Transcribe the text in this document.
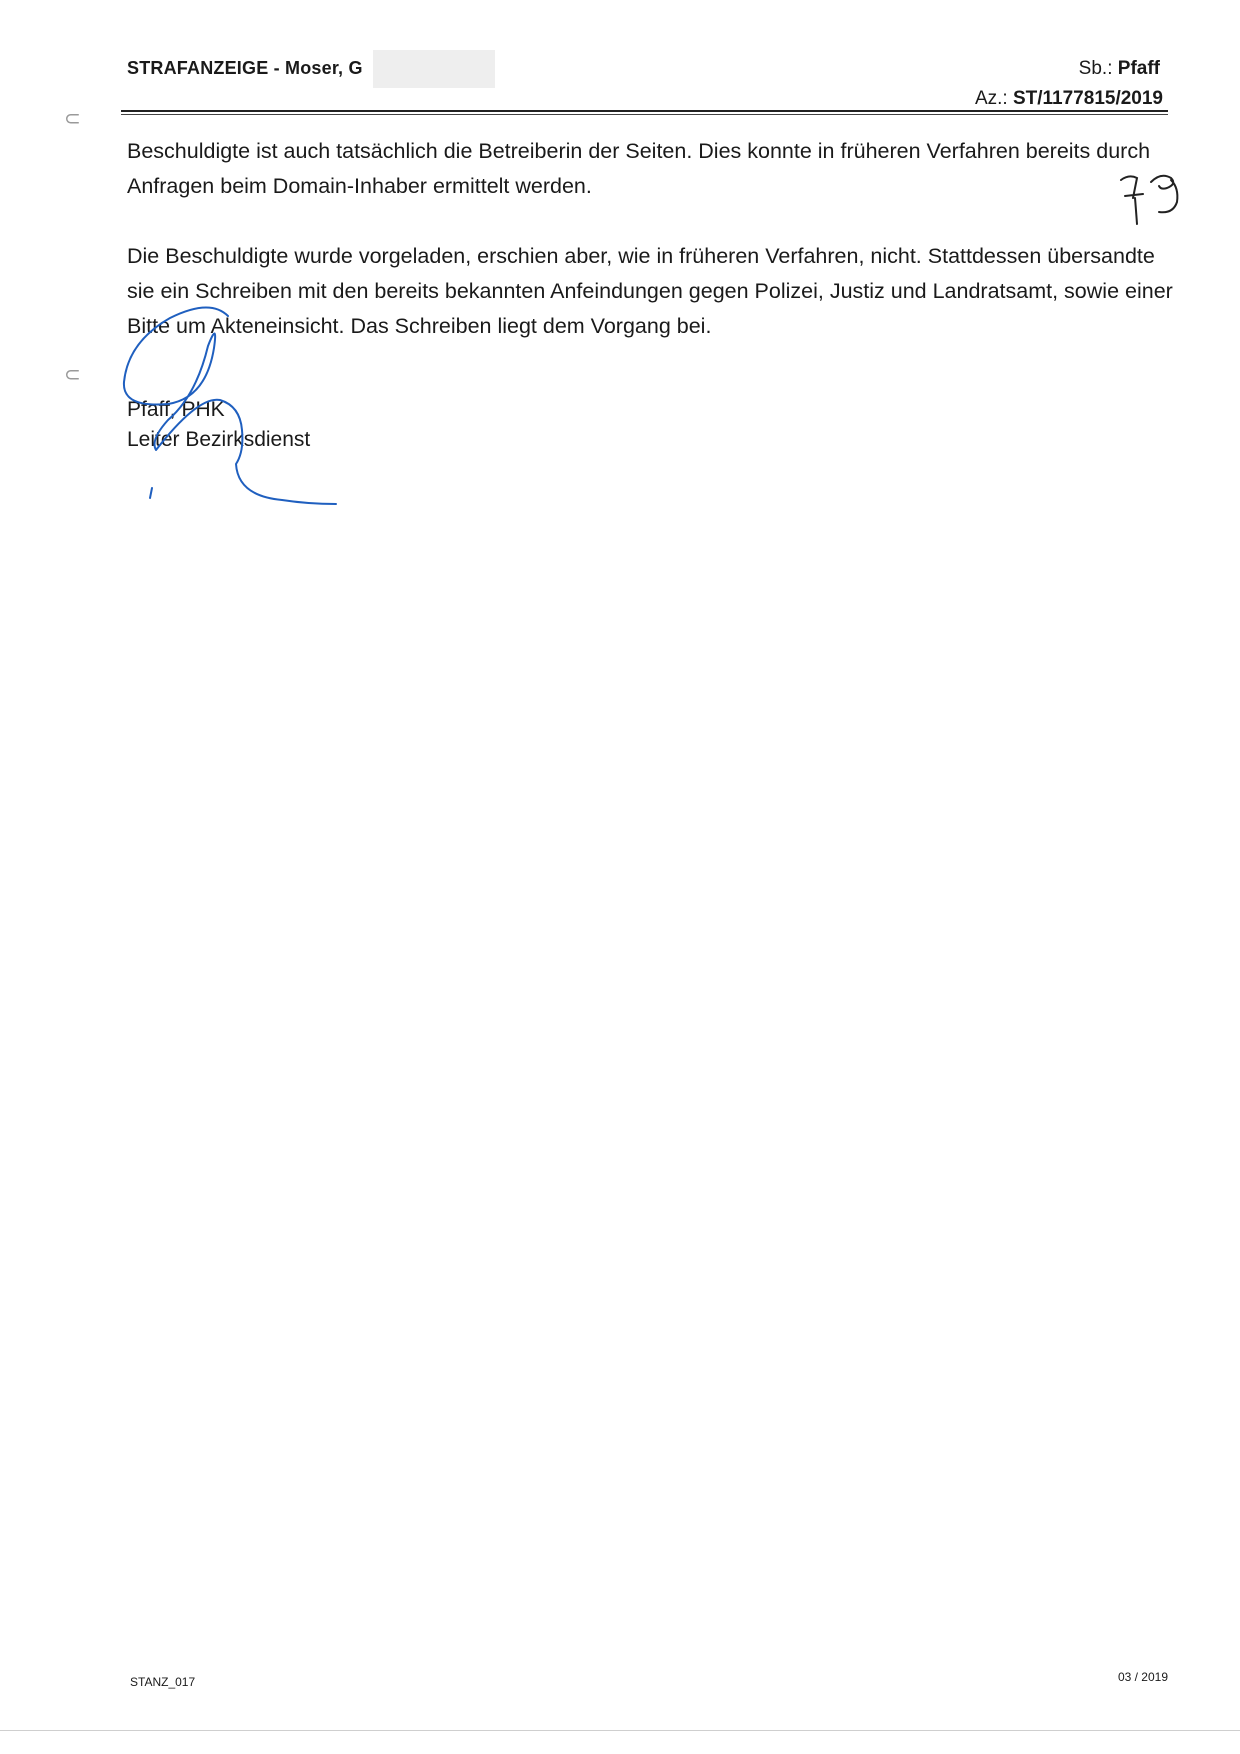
STRAFANZEIGE - Moser, G	Sb.: Pfaff
Az.: ST/1177815/2019
⊂
⊂

Beschuldigte ist auch tatsächlich die Betreiberin der Seiten. Dies konnte in früheren Verfahren bereits durch Anfragen beim Domain-Inhaber ermittelt werden.

Die Beschuldigte wurde vorgeladen, erschien aber, wie in früheren Verfahren, nicht. Stattdessen übersandte sie ein Schreiben mit den bereits bekannten Anfeindungen gegen Polizei, Justiz und Landratsamt, sowie einer Bitte um Akteneinsicht. Das Schreiben liegt dem Vorgang bei.

Pfaff, PHK
Leiter Bezirksdienst
STANZ_017	03 / 2019
